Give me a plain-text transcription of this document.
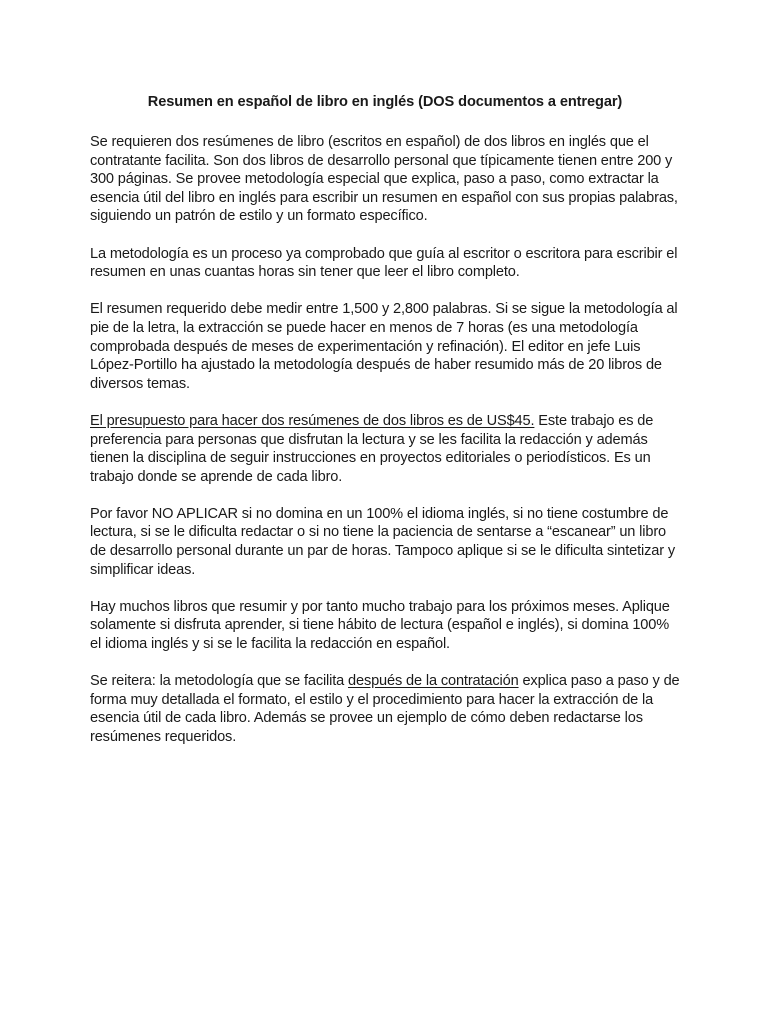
Resumen en español de libro en inglés (DOS documentos a entregar)

Se requieren dos resúmenes de libro (escritos en español) de dos libros en inglés que el contratante facilita. Son dos libros de desarrollo personal que típicamente tienen entre 200 y 300 páginas. Se provee metodología especial que explica, paso a paso, como extractar la esencia útil del libro en inglés para escribir un resumen en español con sus propias palabras, siguiendo un patrón de estilo y un formato específico.

La metodología es un proceso ya comprobado que guía al escritor o escritora para escribir el resumen en unas cuantas horas sin tener que leer el libro completo.

El resumen requerido debe medir entre 1,500 y 2,800 palabras. Si se sigue la metodología al pie de la letra, la extracción se puede hacer en menos de 7 horas (es una metodología comprobada después de meses de experimentación y refinación). El editor en jefe Luis López-Portillo ha ajustado la metodología después de haber resumido más de 20 libros de diversos temas.

El presupuesto para hacer dos resúmenes de dos libros es de US$45. Este trabajo es de preferencia para personas que disfrutan la lectura y se les facilita la redacción y además tienen la disciplina de seguir instrucciones en proyectos editoriales o periodísticos. Es un trabajo donde se aprende de cada libro.

Por favor NO APLICAR si no domina en un 100% el idioma inglés, si no tiene costumbre de lectura, si se le dificulta redactar o si no tiene la paciencia de sentarse a “escanear” un libro de desarrollo personal durante un par de horas. Tampoco aplique si se le dificulta sintetizar y simplificar ideas.

Hay muchos libros que resumir y por tanto mucho trabajo para los próximos meses. Aplique solamente si disfruta aprender, si tiene hábito de lectura (español e inglés), si domina 100% el idioma inglés y si se le facilita la redacción en español.

Se reitera: la metodología que se facilita después de la contratación explica paso a paso y de forma muy detallada el formato, el estilo y el procedimiento para hacer la extracción de la esencia útil de cada libro. Además se provee un ejemplo de cómo deben redactarse los resúmenes requeridos.
